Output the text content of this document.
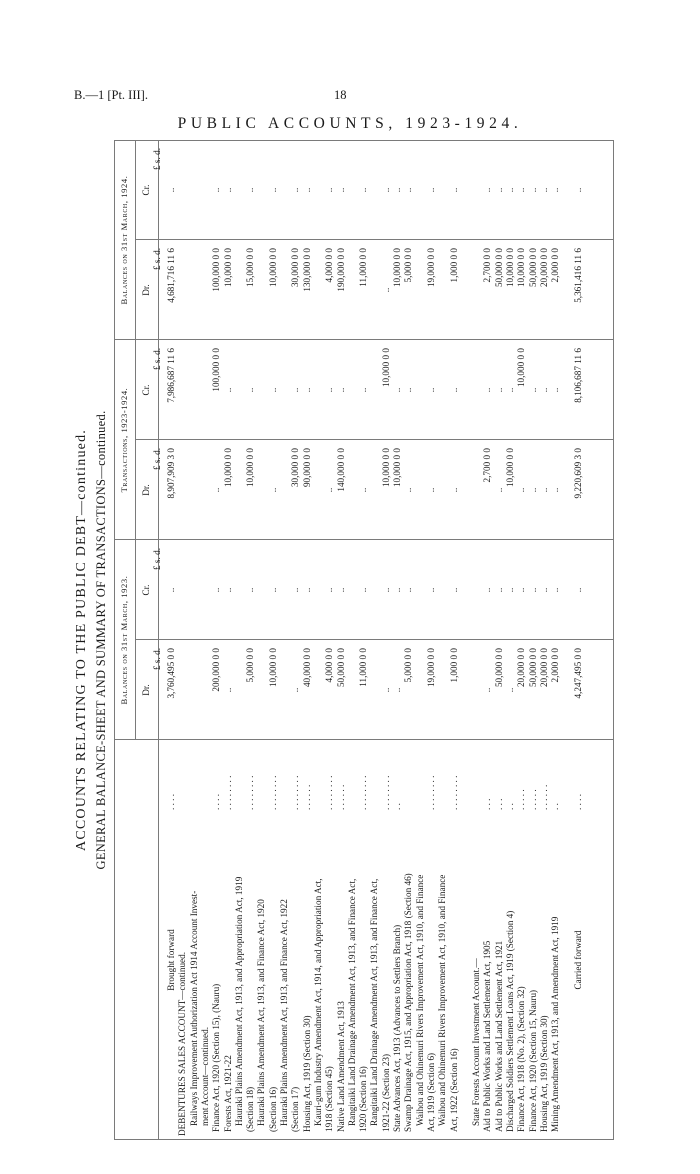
B.—1 [Pt. III].	18
PUBLIC ACCOUNTS, 1923-1924.
ACCOUNTS RELATING TO THE PUBLIC DEBT—continued. GENERAL BALANCE-SHEET AND SUMMARY OF TRANSACTIONS—continued. Balances on 31st March, 1923.
Transactions, 1923-1924.
Balances on 31st March, 1924.
Dr.
Cr.
Dr.
Cr.
Dr.
Cr.
£ s. d.
£ s. d.
£ s. d.
£ s. d.
£ s. d.
£ s. d.
Brought forward
. . . .
3,760,495 0 0
..
8,907,909 3 0
7,986,687 11 6
4,681,716 11 6
..
DEBENTURES SALES ACCOUNT—continued. Railways Improvement Authorization Act 1914 Account Invest- ment Account—continued. Finance Act, 1920 (Section 15), (Nauru)
. . . .
200,000 0 0
..
..
100,000 0 0
100,000 0 0
..
Forests Act, 1921-22
. . . . . . . .
..
..
10,000 0 0
..
10,000 0 0
..
Hauraki Plains Amendment Act, 1913, and Appropriation Act, 1919 (Section 18)
. . . . . . . .
5,000 0 0
..
10,000 0 0
..
15,000 0 0
..
Hauraki Plains Amendment Act, 1913, and Finance Act, 1920 (Section 16)
. . . . . . . .
10,000 0 0
..
..
..
10,000 0 0
..
Hauraki Plains Amendment Act, 1913, and Finance Act, 1922 (Section 17)
. . . . . . . .
..
..
30,000 0 0
..
30,000 0 0
..
Housing Act, 1919 (Section 30)
. . . . . .
40,000 0 0
..
90,000 0 0
..
130,000 0 0
..
Kauri-gum Industry Amendment Act, 1914, and Appropriation Act, 1918 (Section 45)
. . . . . . . .
4,000 0 0
..
..
..
4,000 0 0
..
Native Land Amendment Act, 1913
. . . . . .
50,000 0 0
..
140,000 0 0
..
190,000 0 0
..
Rangitaiki Land Drainage Amendment Act, 1913, and Finance Act, 1920 (Section 16)
. . . . . . . .
11,000 0 0
..
..
..
11,000 0 0
..
Rangitaiki Land Drainage Amendment Act, 1913, and Finance Act, 1921-22 (Section 23)
. . . . . . . .
..
..
10,000 0 0
10,000 0 0
..
..
State Advances Act, 1913 (Advances to Settlers Branch)
. .
..
..
10,000 0 0
..
10,000 0 0
..
Swamp Drainage Act, 1915, and Appropriation Act, 1918 (Section 46)
5,000 0 0
..
..
..
5,000 0 0
..
Waihou and Ohinemuri Rivers Improvement Act, 1910, and Finance Act, 1919 (Section 6)
. . . . . . . .
19,000 0 0
..
..
..
19,000 0 0
..
Waihou and Ohinemuri Rivers Improvement Act, 1910, and Finance Act, 1922 (Section 16)
. . . . . . . .
1,000 0 0
..
..
..
1,000 0 0
..
State Forests Account Investment Account.— Aid to Public Works and Land Settlement Act, 1905
. . .
..
..
2,700 0 0
..
2,700 0 0
..
Aid to Public Works and Land Settlement Act, 1921
. . .
50,000 0 0
..
..
..
50,000 0 0
..
Discharged Soldiers Settlement Loans Act, 1919 (Section 4)
. .
..
..
10,000 0 0
..
10,000 0 0
..
Finance Act, 1918 (No. 2), (Section 32)
. . . . .
20,000 0 0
..
..
10,000 0 0
10,000 0 0
..
Finance Act, 1920 (Section 15, Nauru)
. . . . .
50,000 0 0
..
..
..
50,000 0 0
..
Housing Act, 1919 (Section 30)
. . . . . .
20,000 0 0
..
..
..
20,000 0 0
..
Mining Amendment Act, 1913, and Amendment Act, 1919
. .
2,000 0 0
..
..
..
2,000 0 0
..
Carried forward
. . . .
4,247,495 0 0
..
9,220,609 3 0
8,106,687 11 6
5,361,416 11 6
..
